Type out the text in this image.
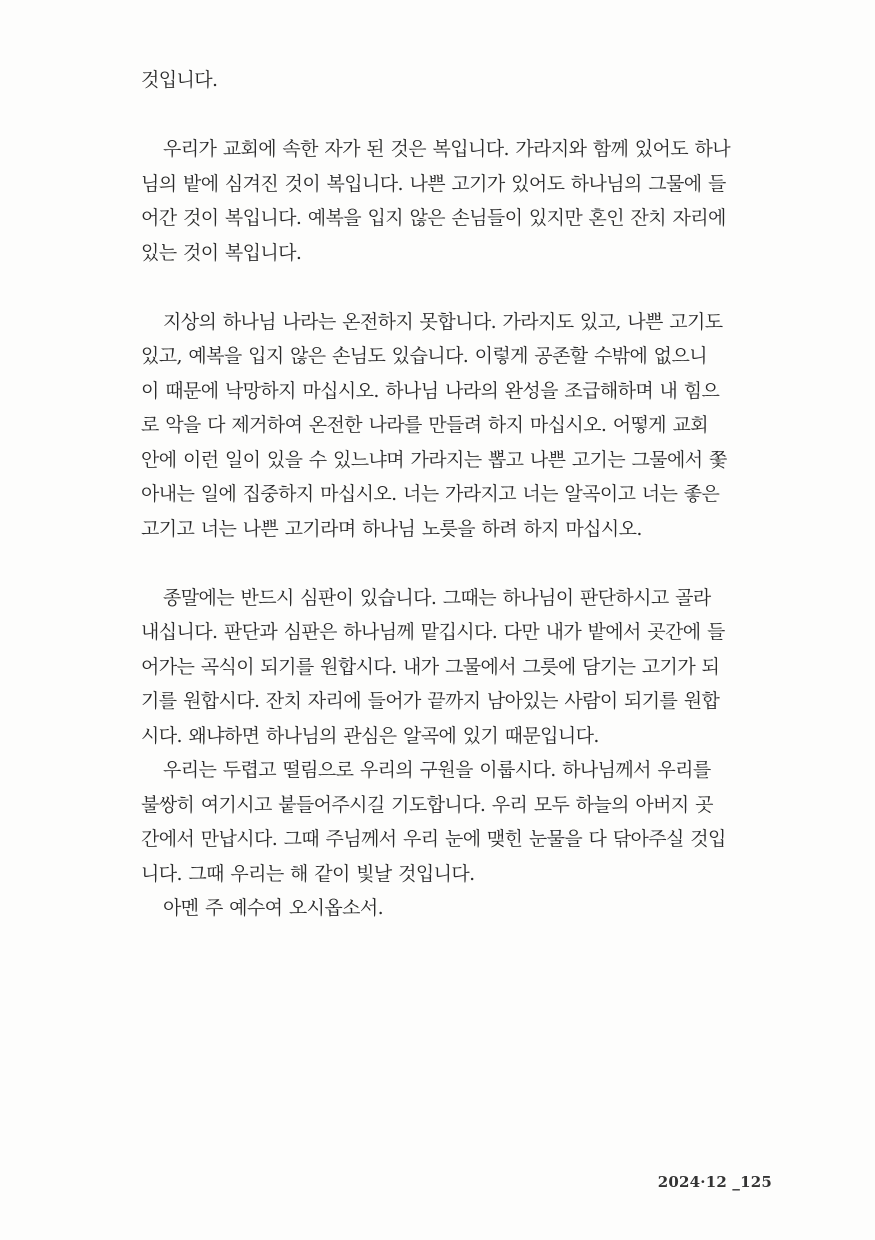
것입니다.
우리가 교회에 속한 자가 된 것은 복입니다. 가라지와 함께 있어도 하나
님의 밭에 심겨진 것이 복입니다. 나쁜 고기가 있어도 하나님의 그물에 들
어간 것이 복입니다. 예복을 입지 않은 손님들이 있지만 혼인 잔치 자리에
있는 것이 복입니다.
지상의 하나님 나라는 온전하지 못합니다. 가라지도 있고, 나쁜 고기도
있고, 예복을 입지 않은 손님도 있습니다. 이렇게 공존할 수밖에 없으니
이 때문에 낙망하지 마십시오. 하나님 나라의 완성을 조급해하며 내 힘으
로 악을 다 제거하여 온전한 나라를 만들려 하지 마십시오. 어떻게 교회
안에 이런 일이 있을 수 있느냐며 가라지는 뽑고 나쁜 고기는 그물에서 쫓
아내는 일에 집중하지 마십시오. 너는 가라지고 너는 알곡이고 너는 좋은
고기고 너는 나쁜 고기라며 하나님 노릇을 하려 하지 마십시오.
종말에는 반드시 심판이 있습니다. 그때는 하나님이 판단하시고 골라
내십니다. 판단과 심판은 하나님께 맡깁시다. 다만 내가 밭에서 곳간에 들
어가는 곡식이 되기를 원합시다. 내가 그물에서 그릇에 담기는 고기가 되
기를 원합시다. 잔치 자리에 들어가 끝까지 남아있는 사람이 되기를 원합
시다. 왜냐하면 하나님의 관심은 알곡에 있기 때문입니다.
우리는 두렵고 떨림으로 우리의 구원을 이룹시다. 하나님께서 우리를
불쌍히 여기시고 붙들어주시길 기도합니다. 우리 모두 하늘의 아버지 곳
간에서 만납시다. 그때 주님께서 우리 눈에 맺힌 눈물을 다 닦아주실 것입
니다. 그때 우리는 해 같이 빛날 것입니다.
아멘 주 예수여 오시옵소서.
2024·12 _125
